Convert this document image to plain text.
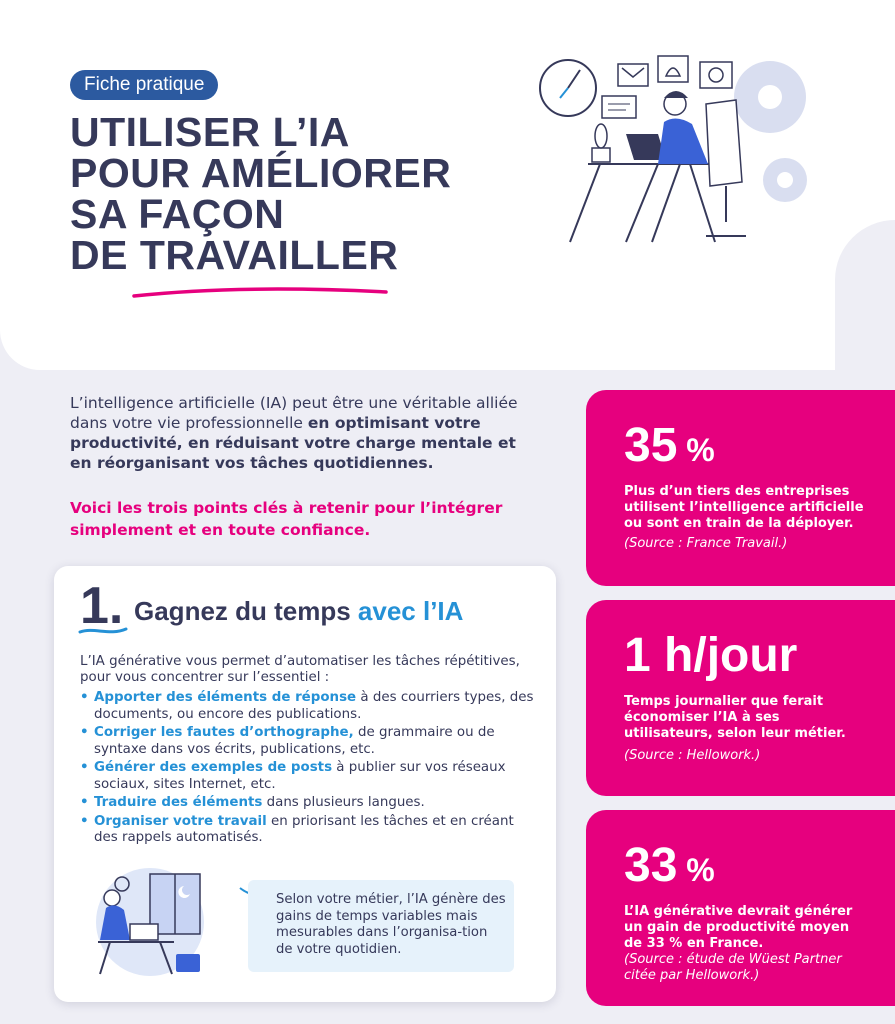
Fiche pratique
UTILISER L’IA
POUR AMÉLIORER
SA FAÇON
DE TRAVAILLER

L’intelligence artificielle (IA) peut être une véritable alliée dans votre vie professionnelle en optimisant votre productivité, en réduisant votre charge mentale et en réorganisant vos tâches quotidiennes.

Voici les trois points clés à retenir pour l’intégrer simplement et en toute confiance.

1. Gagnez du temps avec l’IA

L’IA générative vous permet d’automatiser les tâches répétitives, pour vous concentrer sur l’essentiel :

• Apporter des éléments de réponse à des courriers types, des documents, ou encore des publications.
• Corriger les fautes d’orthographe, de grammaire ou de syntaxe dans vos écrits, publications, etc.
• Générer des exemples de posts à publier sur vos réseaux sociaux, sites Internet, etc.
• Traduire des éléments dans plusieurs langues.
• Organiser votre travail en priorisant les tâches et en créant des rappels automatisés.
Selon votre métier, l’IA génère des gains de temps variables mais mesurables dans l’organisa-tion de votre quotidien.
35 %
Plus d’un tiers des entreprises utilisent l’intelligence artificielle ou sont en train de la déployer.
(Source : France Travail.)
1 h/jour
Temps journalier que ferait économiser l’IA à ses utilisateurs, selon leur métier.
(Source : Hellowork.)
33 %
L’IA générative devrait générer un gain de productivité moyen de 33 % en France.
(Source : étude de Wüest Partner citée par Hellowork.)
